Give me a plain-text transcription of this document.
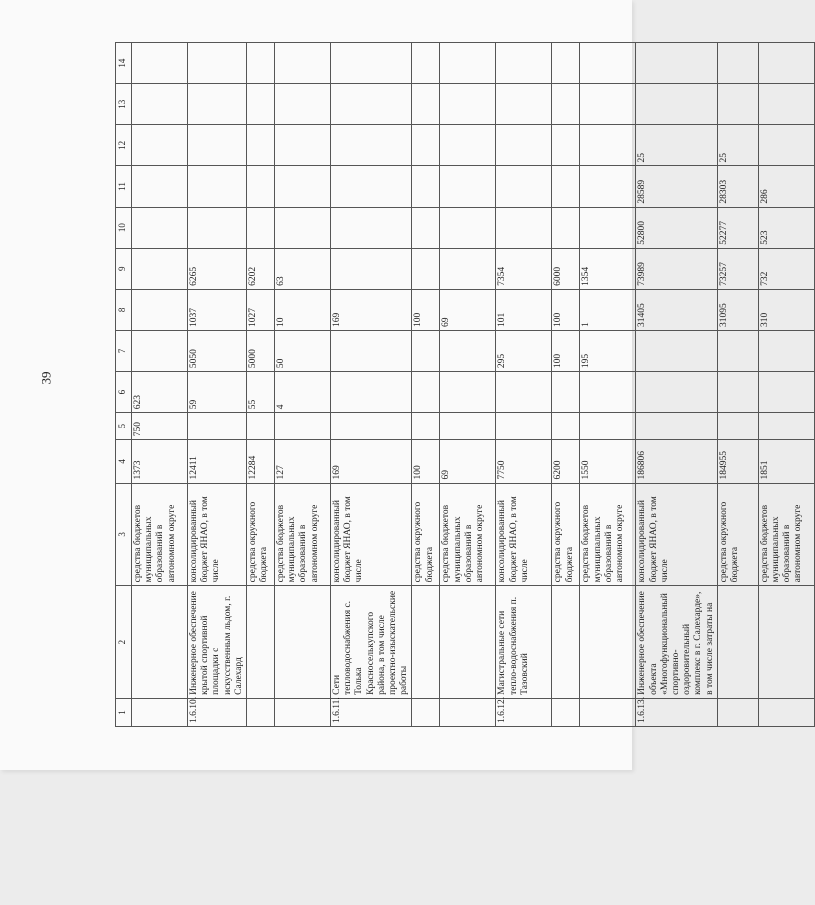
39
1	2	3	4	5	6	7	8	9	10	11	12	13	14
		средства бюджетов муниципальных образований в автономном округе	1373	750	623								
1.6.10.	Инженерное обеспечение крытой спортивной площадки с искусственным льдом, г. Салехард	консолидированный бюджет ЯНАО, в том числе	12411		59	5050	1037	6265					
		средства окружного бюджета	12284		55	5000	1027	6202					
		средства бюджетов муниципальных образований в автономном округе	127		4	50	10	63					
1.6.11.	Сети тепловодоснабжения с. Толька Красноселькупского района, в том числе проектно-изыскательские работы	консолидированный бюджет ЯНАО, в том числе	169				169						
		средства окружного бюджета	100				100						
		средства бюджетов муниципальных образований в автономном округе	69				69						
1.6.12.	Магистральные сети тепло-водоснабжения п. Тазовский	консолидированный бюджет ЯНАО, в том числе	7750			295	101	7354					
		средства окружного бюджета	6200			100	100	6000					
		средства бюджетов муниципальных образований в автономном округе	1550			195	1	1354					
1.6.13.	Инженерное обеспечение объекта «Многофункциональный спортивно-оздоровительный комплекс в г. Салехарде», в том числе затраты на	консолидированный бюджет ЯНАО, в том числе	186806				31405	73989	52800	28589	25		
		средства окружного бюджета	184955				31095	73257	52277	28303	25		
		средства бюджетов муниципальных образований в автономном округе	1851				310	732	523	286			
